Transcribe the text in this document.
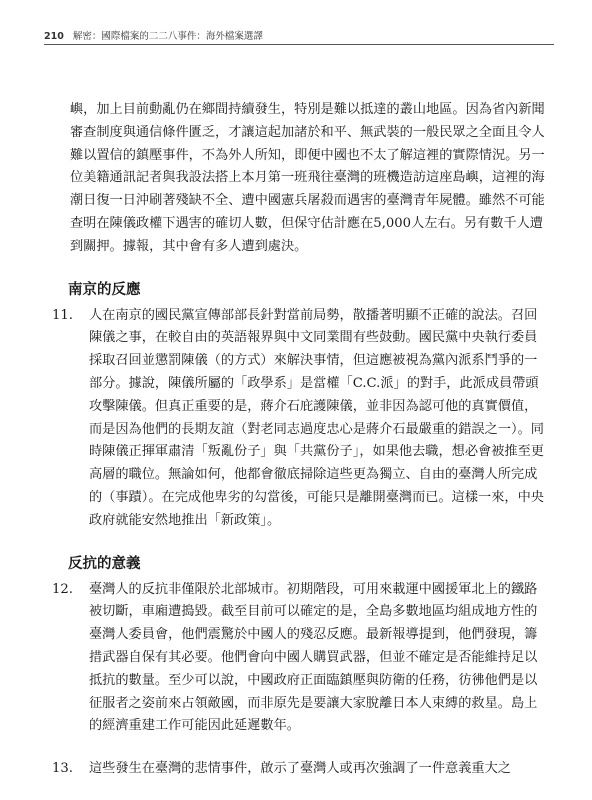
210 解密：國際檔案的二二八事件：海外檔案選譯

嶼，加上目前動亂仍在鄉間持續發生，特別是難以抵達的叢山地區。因為省內新聞審查制度與通信條件匱乏，才讓這起加諸於和平、無武裝的一般民眾之全面且令人難以置信的鎮壓事件，不為外人所知，即便中國也不太了解這裡的實際情況。另一位美籍通訊記者與我設法搭上本月第一班飛往臺灣的班機造訪這座島嶼，這裡的海潮日復一日沖刷著殘缺不全、遭中國憲兵屠殺而遇害的臺灣青年屍體。雖然不可能查明在陳儀政權下遇害的確切人數，但保守估計應在5,000人左右。另有數千人遭到關押。據報，其中會有多人遭到處決。

南京的反應
11. 人在南京的國民黨宣傳部部長針對當前局勢，散播著明顯不正確的說法。召回陳儀之事，在較自由的英語報界與中文同業間有些鼓動。國民黨中央執行委員採取召回並懲罰陳儀（的方式）來解決事情，但這應被視為黨內派系鬥爭的一部分。據說，陳儀所屬的「政學系」是當權「C.C.派」的對手，此派成員帶頭攻擊陳儀。但真正重要的是，蔣介石庇護陳儀，並非因為認可他的真實價值，而是因為他們的長期友誼（對老同志過度忠心是蔣介石最嚴重的錯誤之一）。同時陳儀正揮軍肅清「叛亂份子」與「共黨份子」，如果他去職，想必會被推至更高層的職位。無論如何，他都會徹底掃除這些更為獨立、自由的臺灣人所完成的（事蹟）。在完成他卑劣的勾當後，可能只是離開臺灣而已。這樣一來，中央政府就能安然地推出「新政策」。

反抗的意義
12. 臺灣人的反抗非僅限於北部城市。初期階段，可用來載運中國援軍北上的鐵路被切斷，車廂遭搗毀。截至目前可以確定的是，全島多數地區均組成地方性的臺灣人委員會，他們震驚於中國人的殘忍反應。最新報導提到，他們發現，籌措武器自保有其必要。他們會向中國人購買武器，但並不確定是否能維持足以抵抗的數量。至少可以說，中國政府正面臨鎮壓與防衛的任務，彷彿他們是以征服者之姿前來占領敵國，而非原先是要讓大家脫離日本人束縛的救星。島上的經濟重建工作可能因此延遲數年。

13. 這些發生在臺灣的悲情事件，啟示了臺灣人或再次強調了一件意義重大之
